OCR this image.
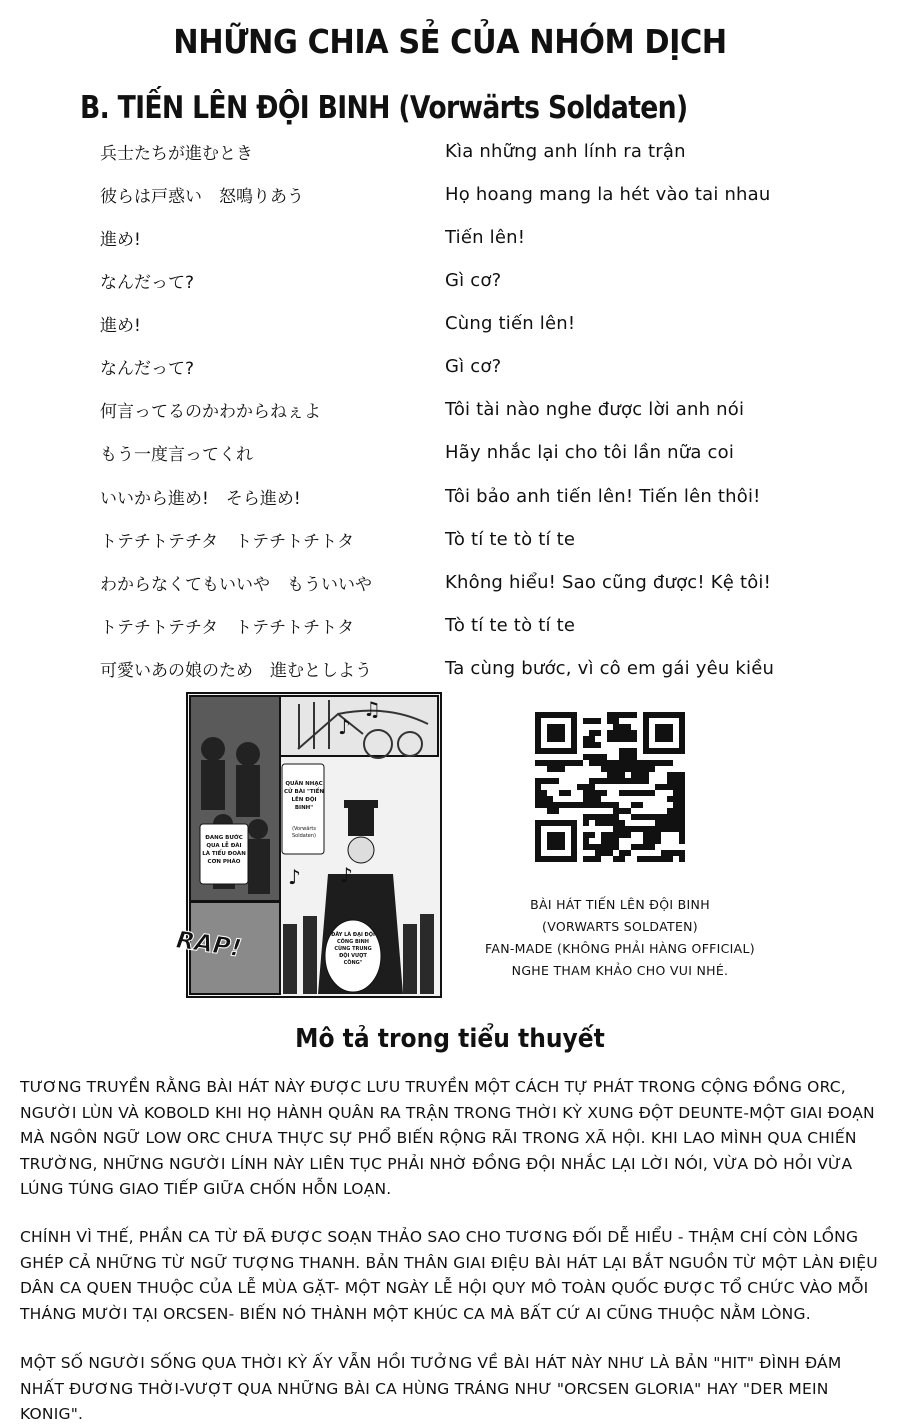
NHỮNG CHIA SẺ CỦA NHÓM DỊCH
B. TIẾN LÊN ĐỘI BINH (Vorwärts Soldaten)
兵士たちが進むとき	Kìa những anh lính ra trận
彼らは戸惑い　怒鳴りあう	Họ hoang mang la hét vào tai nhau
進め!	Tiến lên!
なんだって?	Gì cơ?
進め!	Cùng tiến lên!
なんだって?	Gì cơ?
何言ってるのかわからねぇよ	Tôi tài nào nghe được lời anh nói
もう一度言ってくれ	Hãy nhắc lại cho tôi lần nữa coi
いいから進め!　そら進め!	Tôi bảo anh tiến lên! Tiến lên thôi!
トテチトテチタ　トテチトチトタ	Tò tí te tò tí te
わからなくてもいいや　もういいや	Không hiểu! Sao cũng được! Kệ tôi!
トテチトテチタ　トテチトチトタ	Tò tí te tò tí te
可愛いあの娘のため　進むとしよう	Ta cùng bước, vì cô em gái yêu kiều
♪
♫
♪ ♪
QUÂN NHẠC CỬ BÀI "TIẾN LÊN ĐỘI BINH"
(Vorwärts Soldaten)
ĐANG BƯỚC QUA LỄ ĐÀI LÀ TIỂU ĐOÀN CƠN PHÁO
ĐÂY LÀ ĐẠI ĐỘI CÔNG BINH CÙNG TRUNG ĐỘI VƯỢT CÔNG"
RAP!
BÀI HÁT TIẾN LÊN ĐỘI BINH
(VORWARTS SOLDATEN)
FAN-MADE (KHÔNG PHẢI HÀNG OFFICIAL)
NGHE THAM KHẢO CHO VUI NHÉ.
Mô tả trong tiểu thuyết
TƯƠNG TRUYỀN RẰNG BÀI HÁT NÀY ĐƯỢC LƯU TRUYỀN MỘT CÁCH TỰ PHÁT TRONG CỘNG ĐỒNG ORC, NGƯỜI LÙN VÀ KOBOLD KHI HỌ HÀNH QUÂN RA TRẬN TRONG THỜI KỲ XUNG ĐỘT DEUNTE-MỘT GIAI ĐOẠN MÀ NGÔN NGỮ LOW ORC CHƯA THỰC SỰ PHỔ BIẾN RỘNG RÃI TRONG XÃ HỘI. KHI LAO MÌNH QUA CHIẾN TRƯỜNG, NHỮNG NGƯỜI LÍNH NÀY LIÊN TỤC PHẢI NHỜ ĐỒNG ĐỘI NHẮC LẠI LỜI NÓI, VỪA DÒ HỎI VỪA LÚNG TÚNG GIAO TIẾP GIỮA CHỐN HỖN LOẠN.
CHÍNH VÌ THẾ, PHẦN CA TỪ ĐÃ ĐƯỢC SOẠN THẢO SAO CHO TƯƠNG ĐỐI DỄ HIỂU - THẬM CHÍ CÒN LỒNG GHÉP CẢ NHỮNG TỪ NGỮ TƯỢNG THANH. BẢN THÂN GIAI ĐIỆU BÀI HÁT LẠI BẮT NGUỒN TỪ MỘT LÀN ĐIỆU DÂN CA QUEN THUỘC CỦA LỄ MÙA GẶT- MỘT NGÀY LỄ HỘI QUY MÔ TOÀN QUỐC ĐƯỢC TỔ CHỨC VÀO MỖI THÁNG MƯỜI TẠI ORCSEN- BIẾN NÓ THÀNH MỘT KHÚC CA MÀ BẤT CỨ AI CŨNG THUỘC NẰM LÒNG.
MỘT SỐ NGƯỜI SỐNG QUA THỜI KỲ ẤY VẪN HỒI TƯỞNG VỀ BÀI HÁT NÀY NHƯ LÀ BẢN "HIT" ĐÌNH ĐÁM NHẤT ĐƯƠNG THỜI-VƯỢT QUA NHỮNG BÀI CA HÙNG TRÁNG NHƯ "ORCSEN GLORIA" HAY "DER MEIN KONIG".
